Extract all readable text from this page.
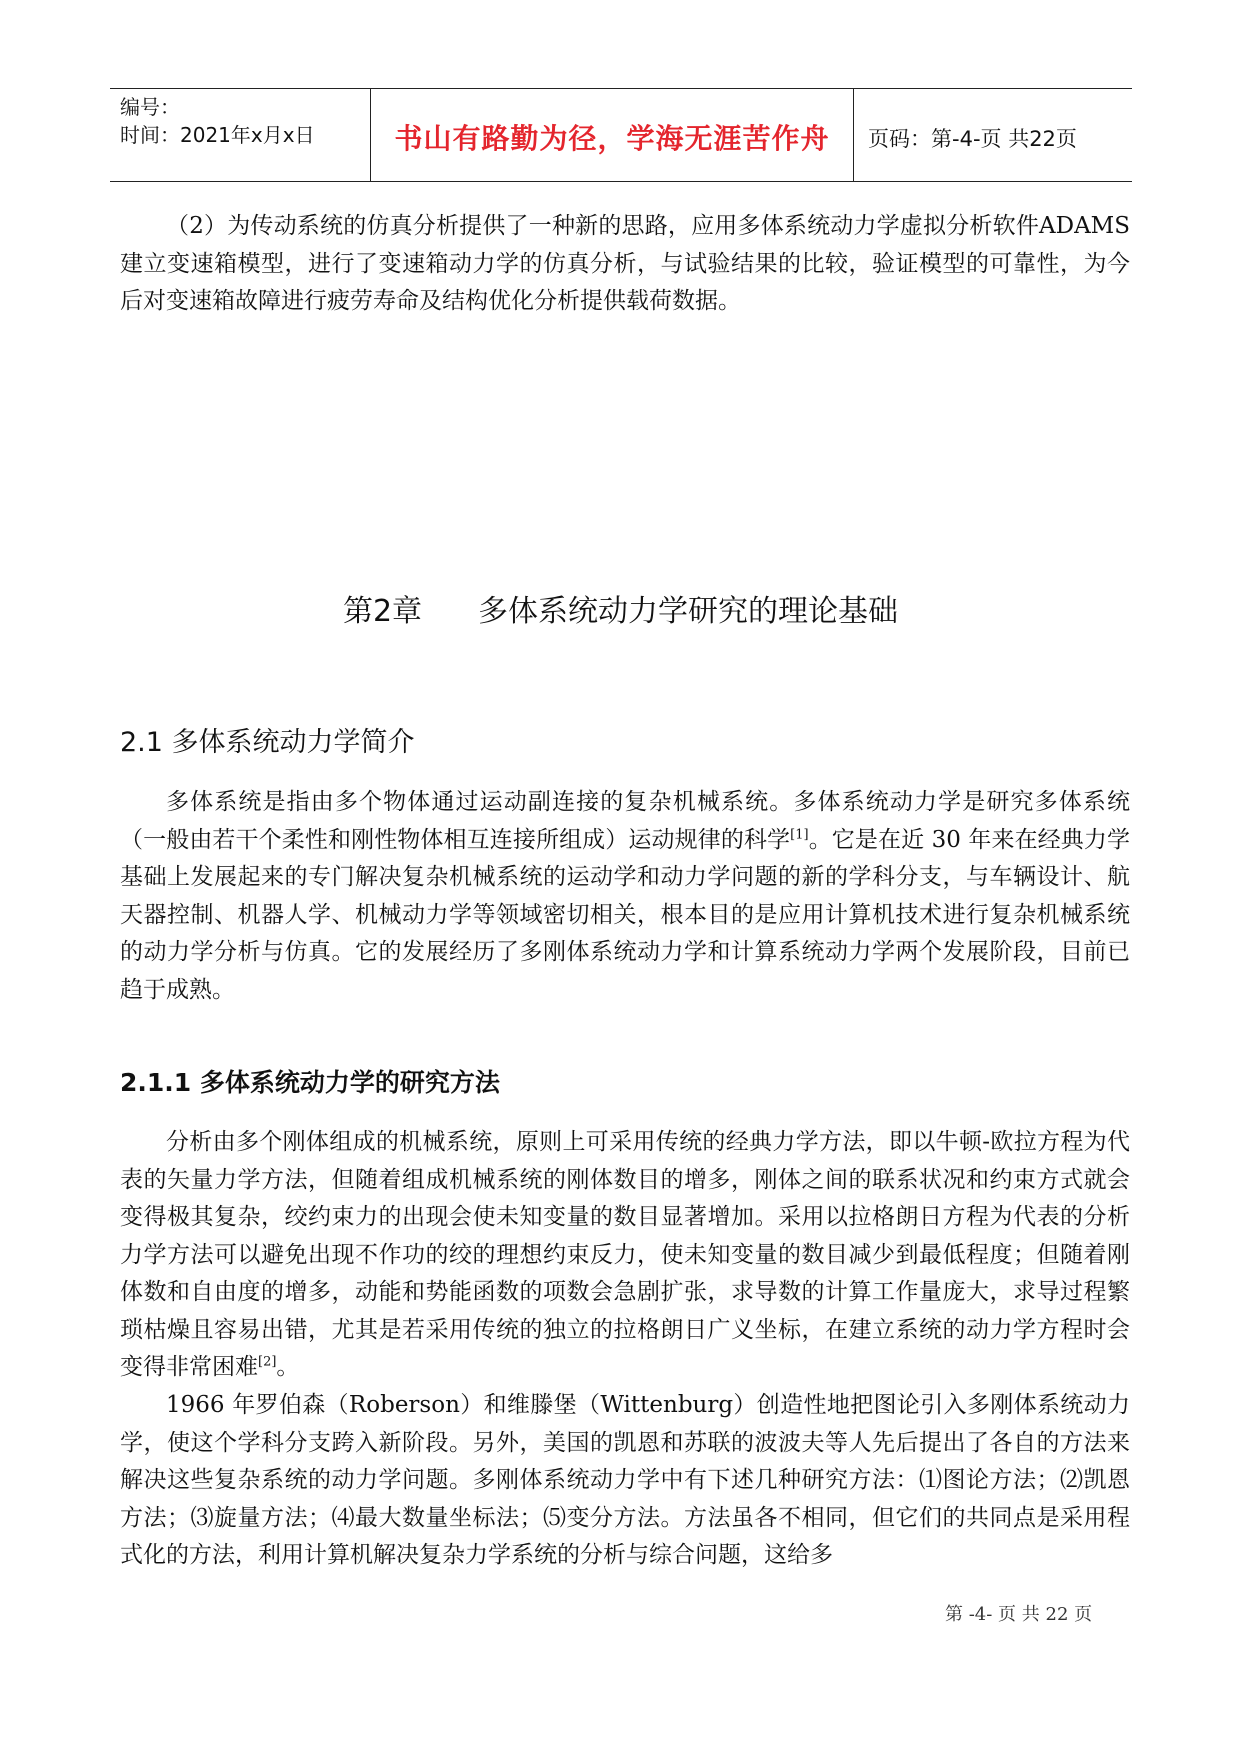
编号：
时间：2021年x月x日	书山有路勤为径，学海无涯苦作舟	页码：第-4-页 共22页

（2）为传动系统的仿真分析提供了一种新的思路，应用多体系统动力学虚拟分析软件ADAMS 建立变速箱模型，进行了变速箱动力学的仿真分析，与试验结果的比较，验证模型的可靠性，为今后对变速箱故障进行疲劳寿命及结构优化分析提供载荷数据。

第2章 多体系统动力学研究的理论基础
2.1 多体系统动力学简介

多体系统是指由多个物体通过运动副连接的复杂机械系统。多体系统动力学是研究多体系统（一般由若干个柔性和刚性物体相互连接所组成）运动规律的科学[1]。它是在近 30 年来在经典力学基础上发展起来的专门解决复杂机械系统的运动学和动力学问题的新的学科分支，与车辆设计、航天器控制、机器人学、机械动力学等领域密切相关，根本目的是应用计算机技术进行复杂机械系统的动力学分析与仿真。它的发展经历了多刚体系统动力学和计算系统动力学两个发展阶段，目前已趋于成熟。

2.1.1 多体系统动力学的研究方法

分析由多个刚体组成的机械系统，原则上可采用传统的经典力学方法，即以牛顿-欧拉方程为代表的矢量力学方法，但随着组成机械系统的刚体数目的增多，刚体之间的联系状况和约束方式就会变得极其复杂，绞约束力的出现会使未知变量的数目显著增加。采用以拉格朗日方程为代表的分析力学方法可以避免出现不作功的绞的理想约束反力，使未知变量的数目减少到最低程度；但随着刚体数和自由度的增多，动能和势能函数的项数会急剧扩张，求导数的计算工作量庞大，求导过程繁琐枯燥且容易出错，尤其是若采用传统的独立的拉格朗日广义坐标，在建立系统的动力学方程时会变得非常困难[2]。

1966 年罗伯森（Roberson）和维滕堡（Wittenburg）创造性地把图论引入多刚体系统动力学，使这个学科分支跨入新阶段。另外，美国的凯恩和苏联的波波夫等人先后提出了各自的方法来解决这些复杂系统的动力学问题。多刚体系统动力学中有下述几种研究方法：⑴图论方法；⑵凯恩方法；⑶旋量方法；⑷最大数量坐标法；⑸变分方法。方法虽各不相同，但它们的共同点是采用程式化的方法，利用计算机解决复杂力学系统的分析与综合问题，这给多

第 -4- 页 共 22 页
